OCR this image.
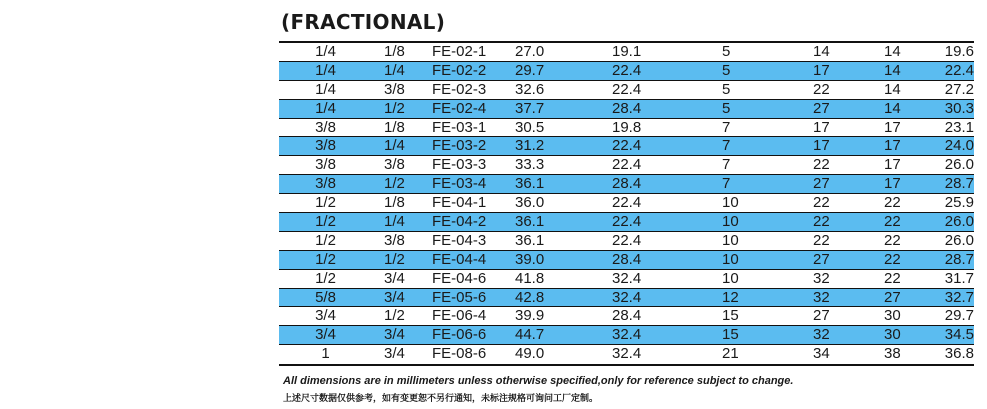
(FRACTIONAL)
1/4	1/8	FE-02-1	27.0	19.1	5	14	14	19.6
1/4	1/4	FE-02-2	29.7	22.4	5	17	14	22.4
1/4	3/8	FE-02-3	32.6	22.4	5	22	14	27.2
1/4	1/2	FE-02-4	37.7	28.4	5	27	14	30.3
3/8	1/8	FE-03-1	30.5	19.8	7	17	17	23.1
3/8	1/4	FE-03-2	31.2	22.4	7	17	17	24.0
3/8	3/8	FE-03-3	33.3	22.4	7	22	17	26.0
3/8	1/2	FE-03-4	36.1	28.4	7	27	17	28.7
1/2	1/8	FE-04-1	36.0	22.4	10	22	22	25.9
1/2	1/4	FE-04-2	36.1	22.4	10	22	22	26.0
1/2	3/8	FE-04-3	36.1	22.4	10	22	22	26.0
1/2	1/2	FE-04-4	39.0	28.4	10	27	22	28.7
1/2	3/4	FE-04-6	41.8	32.4	10	32	22	31.7
5/8	3/4	FE-05-6	42.8	32.4	12	32	27	32.7
3/4	1/2	FE-06-4	39.9	28.4	15	27	30	29.7
3/4	3/4	FE-06-6	44.7	32.4	15	32	30	34.5
1	3/4	FE-08-6	49.0	32.4	21	34	38	36.8
All dimensions are in millimeters unless otherwise specified,only for reference subject to change.
上述尺寸数据仅供参考，如有变更恕不另行通知，未标注规格可询问工厂定制。
